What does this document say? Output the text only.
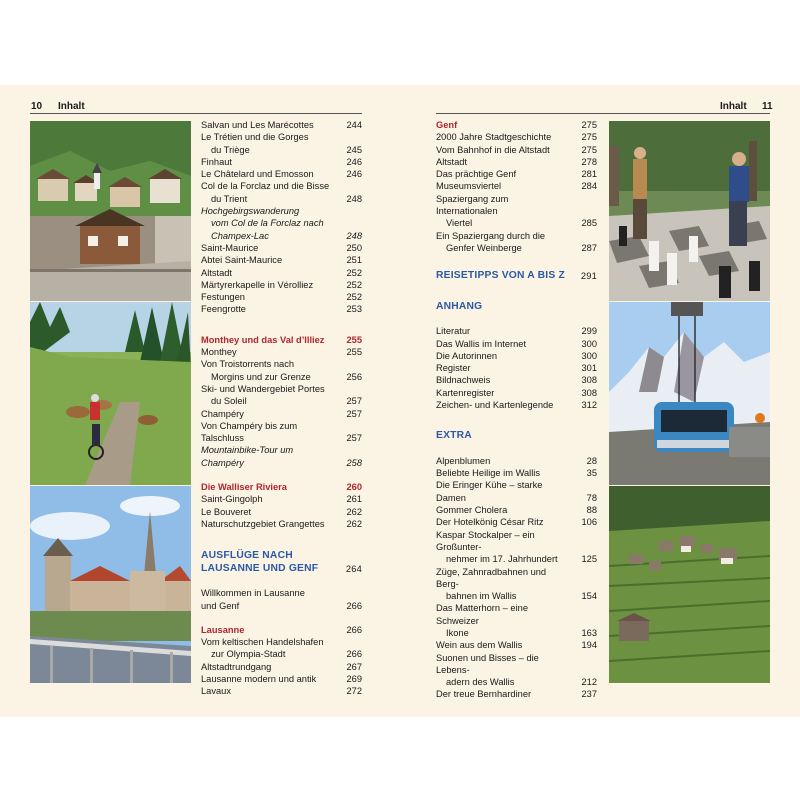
10 Inhalt	Inhalt 11
Salvan und Les Marécottes	244
Le Trétien und die Gorges
du Triège	245
Finhaut	246
Le Châtelard und Emosson	246
Col de la Forclaz und die Bisse
du Trient	248
Hochgebirgswanderung
vom Col de la Forclaz nach
Champex-Lac	248
Saint-Maurice	250
Abtei Saint-Maurice	251
Altstadt	252
Märtyrerkapelle in Vérolliez	252
Festungen	252
Feengrotte	253
Monthey und das Val d’Illiez	255
Monthey	255
Von Troistorrents nach
Morgins und zur Grenze	256
Ski- und Wandergebiet Portes
du Soleil	257
Champéry	257
Von Champéry bis zum Talschluss	257
Mountainbike-Tour um Champéry	258
Die Walliser Riviera	260
Saint-Gingolph	261
Le Bouveret	262
Naturschutzgebiet Grangettes	262
AUSFLÜGE NACH
LAUSANNE UND GENF	264
Willkommen in Lausanne
und Genf	266
Lausanne	266
Vom keltischen Handelshafen
zur Olympia-Stadt	266
Altstadtrundgang	267
Lausanne modern und antik	269
Lavaux	272
Genf	275
2000 Jahre Stadtgeschichte	275
Vom Bahnhof in die Altstadt	275
Altstadt	278
Das prächtige Genf	281
Museumsviertel	284
Spaziergang zum Internationalen
Viertel	285
Ein Spaziergang durch die
Genfer Weinberge	287
REISETIPPS VON A BIS Z	291
ANHANG
Literatur	299
Das Wallis im Internet	300
Die Autorinnen	300
Register	301
Bildnachweis	308
Kartenregister	308
Zeichen- und Kartenlegende	312
EXTRA
Alpenblumen	28
Beliebte Heilige im Wallis	35
Die Eringer Kühe – starke Damen	78
Gommer Cholera	88
Der Hotelkönig César Ritz	106
Kaspar Stockalper – ein Großunter-
nehmer im 17. Jahrhundert	125
Züge, Zahnradbahnen und Berg-
bahnen im Wallis	154
Das Matterhorn – eine Schweizer
Ikone	163
Wein aus dem Wallis	194
Suonen und Bisses – die Lebens-
adern des Wallis	212
Der treue Bernhardiner	237
